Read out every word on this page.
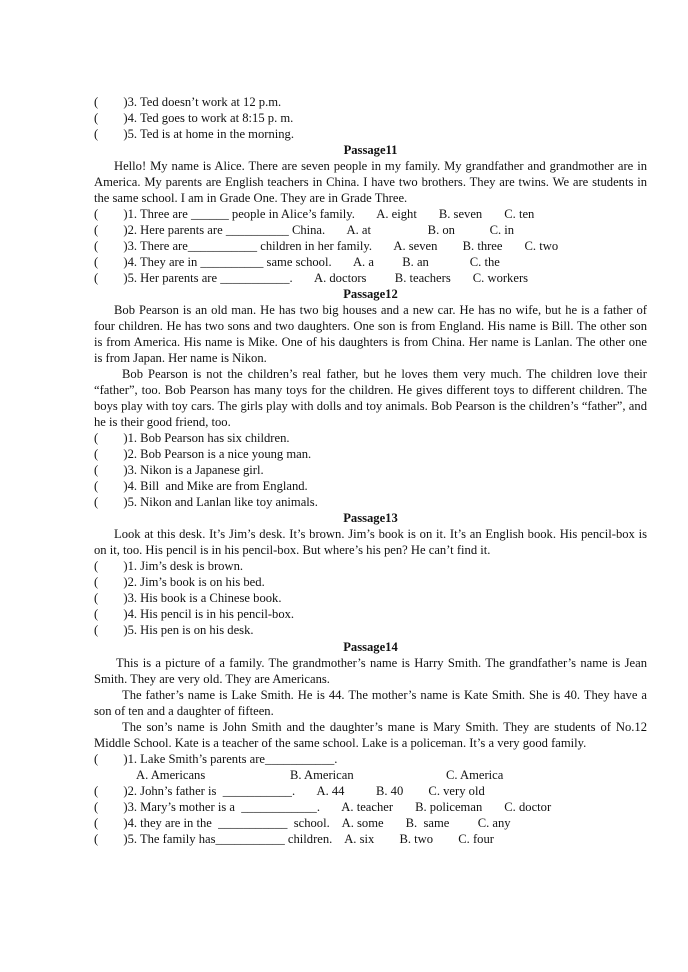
(        )3. Ted doesn’t work at 12 p.m.
(        )4. Ted goes to work at 8:15 p. m.
(        )5. Ted is at home in the morning.
Passage11
Hello! My name is Alice. There are seven people in my family. My grandfather and grandmother are in America. My parents are English teachers in China. I have two brothers. They are twins. We are students in the same school. I am in Grade One. They are in Grade Three.
(        )1. Three are ______ people in Alice’s family.       A. eight       B. seven       C. ten
(        )2. Here parents are __________ China.       A. at                  B. on           C. in
(        )3. There are___________ children in her family.       A. seven        B. three       C. two
(        )4. They are in __________ same school.       A. a         B. an             C. the
(        )5. Her parents are ___________.       A. doctors         B. teachers       C. workers
Passage12
Bob Pearson is an old man. He has two big houses and a new car. He has no wife, but he is a father of four children. He has two sons and two daughters. One son is from England. His name is Bill. The other son is from America. His name is Mike. One of his daughters is from China. Her name is Lanlan. The other one is from Japan. Her name is Nikon.
Bob Pearson is not the children’s real father, but he loves them very much. The children love their “father”, too. Bob Pearson has many toys for the children. He gives different toys to different children. The boys play with toy cars. The girls play with dolls and toy animals. Bob Pearson is the children’s “father”, and he is their good friend, too.
(        )1. Bob Pearson has six children.
(        )2. Bob Pearson is a nice young man.
(        )3. Nikon is a Japanese girl.
(        )4. Bill  and Mike are from England.
(        )5. Nikon and Lanlan like toy animals.
Passage13
Look at this desk. It’s Jim’s desk. It’s brown. Jim’s book is on it. It’s an English book. His pencil-box is on it, too. His pencil is in his pencil-box. But where’s his pen? He can’t find it.
(        )1. Jim’s desk is brown.
(        )2. Jim’s book is on his bed.
(        )3. His book is a Chinese book.
(        )4. His pencil is in his pencil-box.
(        )5. His pen is on his desk.
Passage14
This is a picture of a family. The grandmother’s name is Harry Smith. The grandfather’s name is Jean Smith. They are very old. They are Americans.
The father’s name is Lake Smith. He is 44. The mother’s name is Kate Smith. She is 40. They have a son of ten and a daughter of fifteen.
The son’s name is John Smith and the daughter’s mane is Mary Smith. They are students of No.12 Middle School. Kate is a teacher of the same school. Lake is a policeman. It’s a very good family.
(        )1. Lake Smith’s parents are___________.
A. Americans	B. American	C. America
(        )2. John’s father is  ___________.       A. 44          B. 40        C. very old
(        )3. Mary’s mother is a  ____________.       A. teacher       B. policeman       C. doctor
(        )4. they are in the  ___________  school.    A. some       B.  same         C. any
(        )5. The family has___________ children.    A. six        B. two        C. four
